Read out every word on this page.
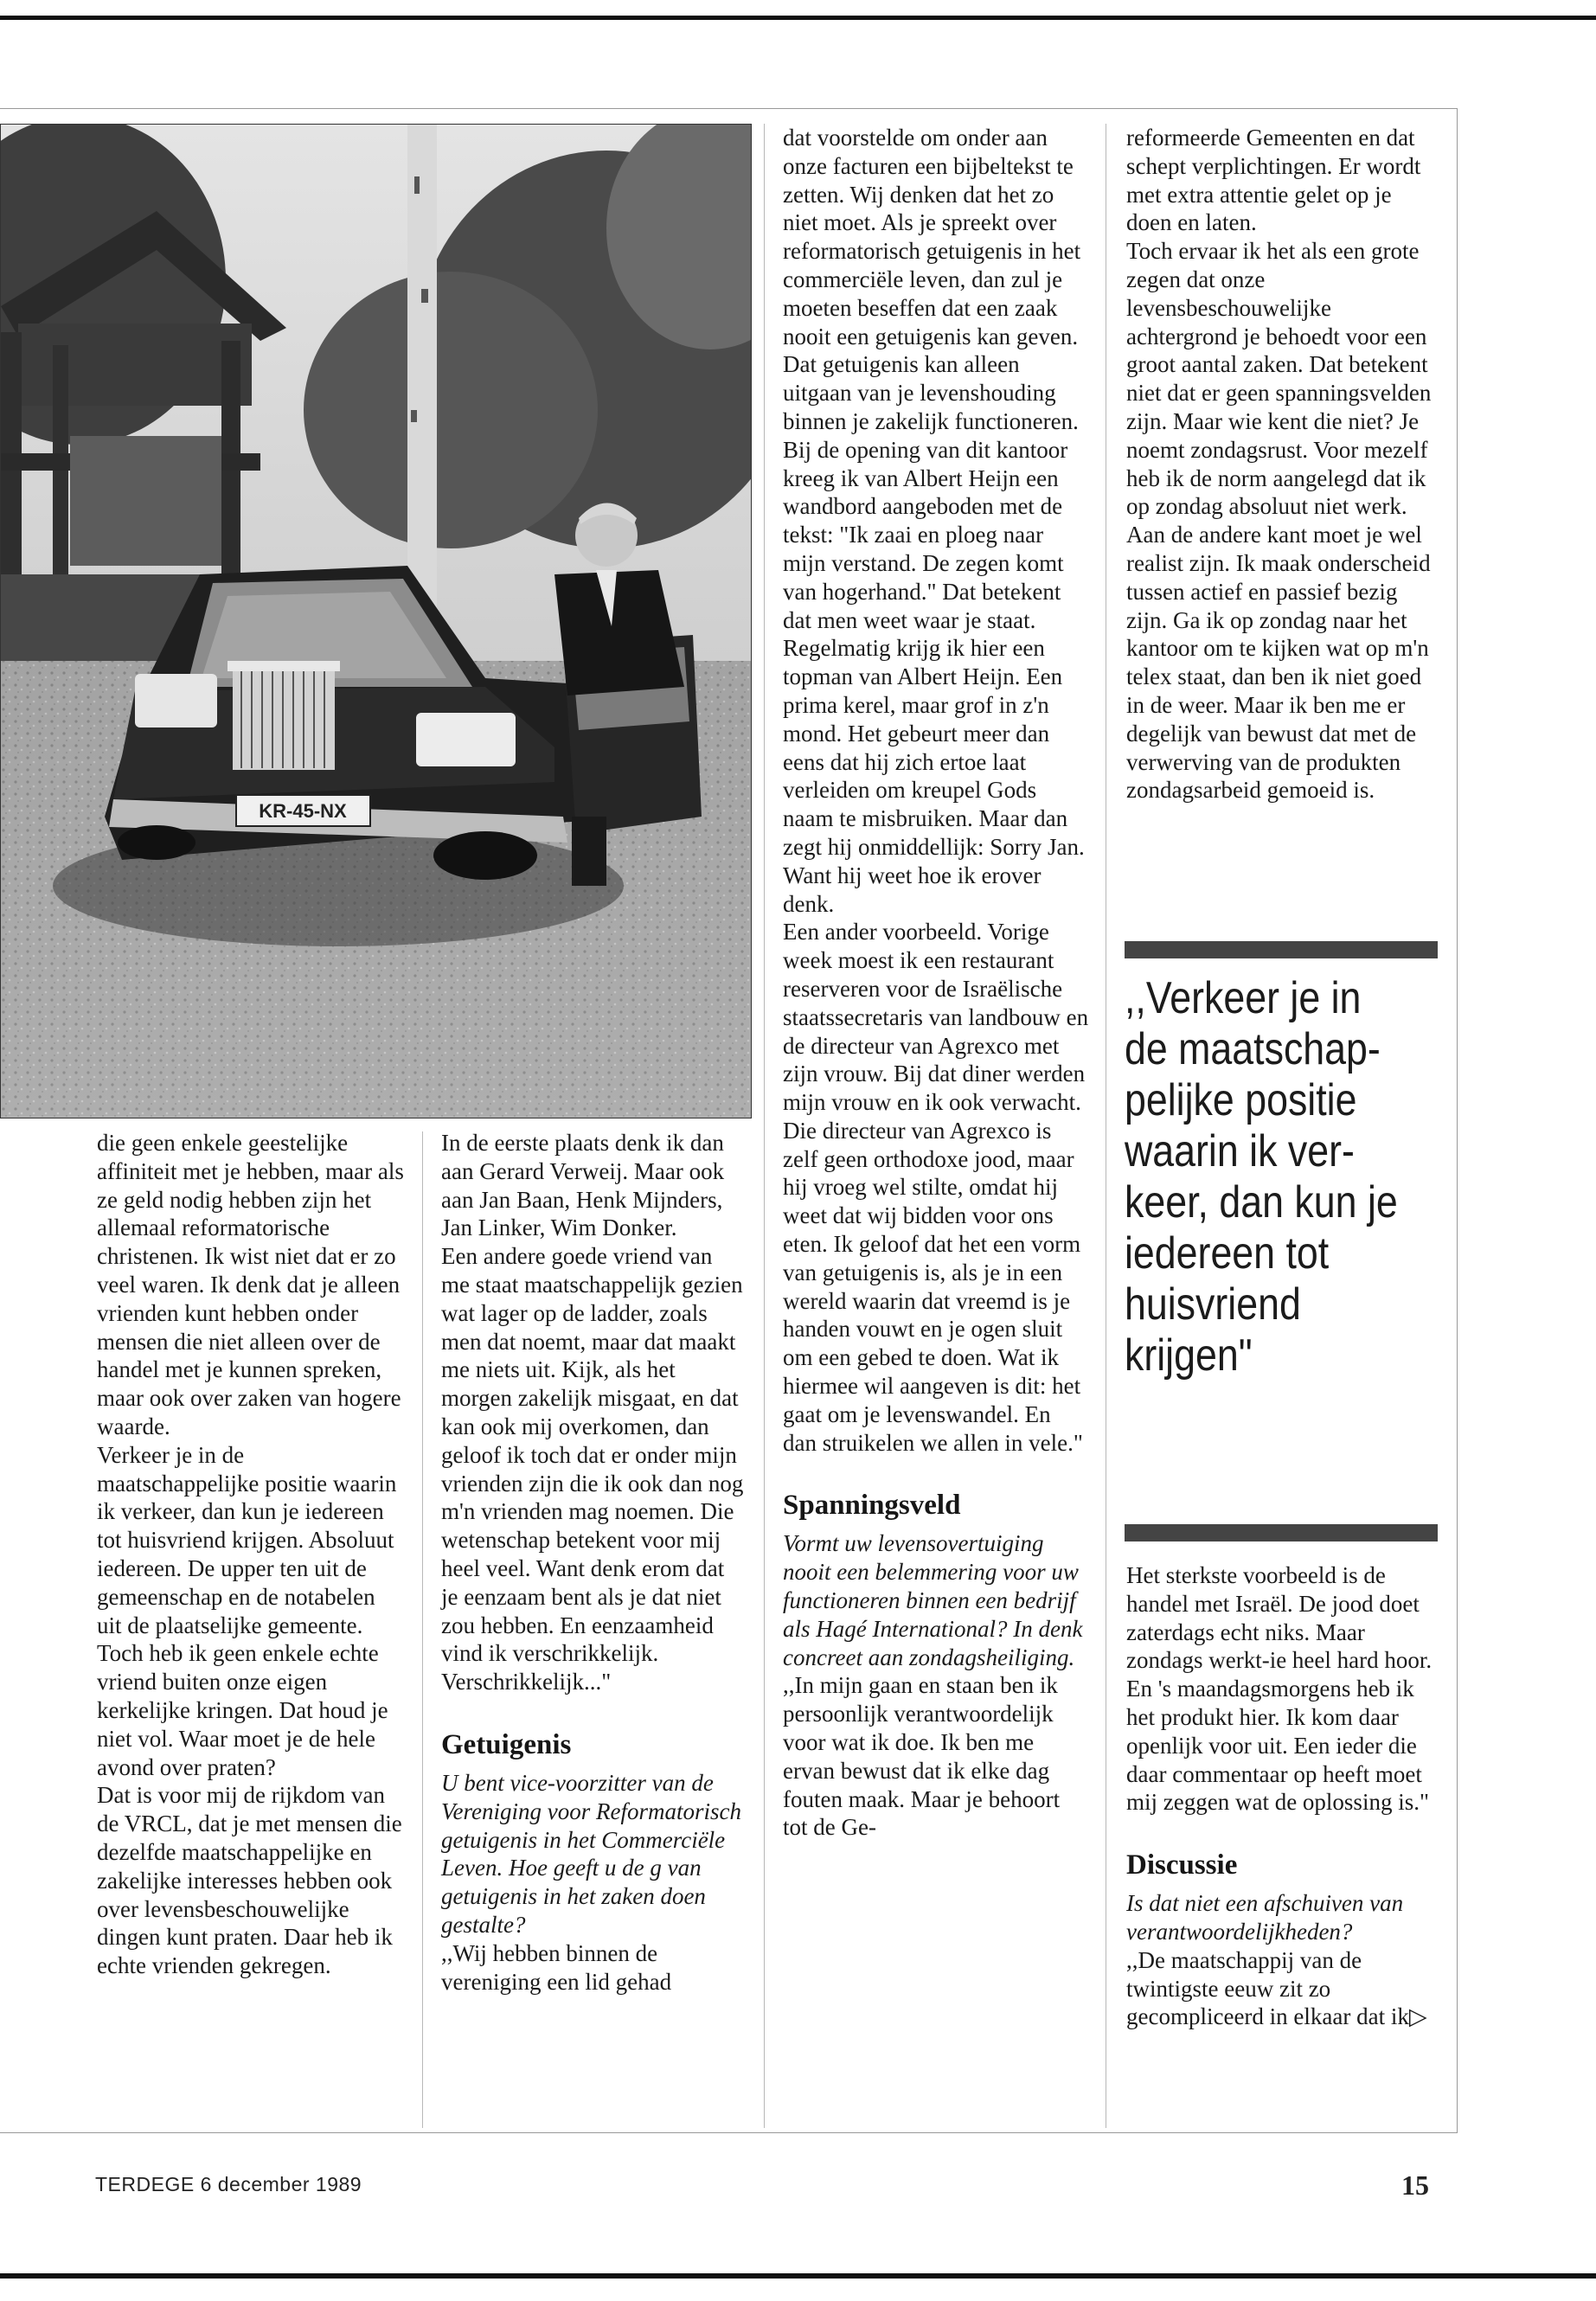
KR-45-NX

die geen enkele geestelijke affiniteit met je hebben, maar als ze geld nodig hebben zijn het allemaal reformatorische christenen. Ik wist niet dat er zo veel waren. Ik denk dat je alleen vrienden kunt hebben onder mensen die niet alleen over de handel met je kunnen spreken, maar ook over zaken van hogere waarde.

Verkeer je in de maatschappelijke positie waarin ik verkeer, dan kun je iedereen tot huisvriend krijgen. Absoluut iedereen. De upper ten uit de gemeenschap en de notabelen uit de plaatselijke gemeente. Toch heb ik geen enkele echte vriend buiten onze eigen kerkelijke kringen. Dat houd je niet vol. Waar moet je de hele avond over praten?

Dat is voor mij de rijkdom van de VRCL, dat je met mensen die dezelfde maatschappelijke en zakelijke interesses hebben ook over levensbeschouwelijke dingen kunt praten. Daar heb ik echte vrienden gekregen.

In de eerste plaats denk ik dan aan Gerard Verweij. Maar ook aan Jan Baan, Henk Mijnders, Jan Linker, Wim Donker.

Een andere goede vriend van me staat maatschappelijk gezien wat lager op de ladder, zoals men dat noemt, maar dat maakt me niets uit. Kijk, als het morgen zakelijk misgaat, en dat kan ook mij overkomen, dan geloof ik toch dat er onder mijn vrienden zijn die ik ook dan nog m'n vrienden mag noemen. Die wetenschap betekent voor mij heel veel. Want denk erom dat je eenzaam bent als je dat niet zou hebben. En eenzaamheid vind ik verschrikkelijk. Verschrikkelijk..."

Getuigenis

U bent vice-voorzitter van de Vereniging voor Reformatorisch getuigenis in het Commerciële Leven. Hoe geeft u de g van getuigenis in het zaken doen gestalte?

,,Wij hebben binnen de vereniging een lid gehad

dat voorstelde om onder aan onze facturen een bijbeltekst te zetten. Wij denken dat het zo niet moet. Als je spreekt over reformatorisch getuigenis in het commerciële leven, dan zul je moeten beseffen dat een zaak nooit een getuigenis kan geven. Dat getuigenis kan alleen uitgaan van je levenshouding binnen je zakelijk functioneren.

Bij de opening van dit kantoor kreeg ik van Albert Heijn een wandbord aangeboden met de tekst: "Ik zaai en ploeg naar mijn verstand. De zegen komt van hogerhand." Dat betekent dat men weet waar je staat. Regelmatig krijg ik hier een topman van Albert Heijn. Een prima kerel, maar grof in z'n mond. Het gebeurt meer dan eens dat hij zich ertoe laat verleiden om kreupel Gods naam te misbruiken. Maar dan zegt hij onmiddellijk: Sorry Jan. Want hij weet hoe ik erover denk.

Een ander voorbeeld. Vorige week moest ik een restaurant reserveren voor de Israëlische staatssecretaris van landbouw en de directeur van Agrexco met zijn vrouw. Bij dat diner werden mijn vrouw en ik ook verwacht. Die directeur van Agrexco is zelf geen orthodoxe jood, maar hij vroeg wel stilte, omdat hij weet dat wij bidden voor ons eten. Ik geloof dat het een vorm van getuigenis is, als je in een wereld waarin dat vreemd is je handen vouwt en je ogen sluit om een gebed te doen. Wat ik hiermee wil aangeven is dit: het gaat om je levenswandel. En dan struikelen we allen in vele."

Spanningsveld

Vormt uw levensovertuiging nooit een belemmering voor uw functioneren binnen een bedrijf als Hagé International? In denk concreet aan zondagsheiliging.

,,In mijn gaan en staan ben ik persoonlijk verantwoordelijk voor wat ik doe. Ik ben me ervan bewust dat ik elke dag fouten maak. Maar je behoort tot de Ge-

reformeerde Gemeenten en dat schept verplichtingen. Er wordt met extra attentie gelet op je doen en laten.

Toch ervaar ik het als een grote zegen dat onze levensbeschouwelijke achtergrond je behoedt voor een groot aantal zaken. Dat betekent niet dat er geen spanningsvelden zijn. Maar wie kent die niet? Je noemt zondagsrust. Voor mezelf heb ik de norm aangelegd dat ik op zondag absoluut niet werk. Aan de andere kant moet je wel realist zijn. Ik maak onderscheid tussen actief en passief bezig zijn. Ga ik op zondag naar het kantoor om te kijken wat op m'n telex staat, dan ben ik niet goed in de weer. Maar ik ben me er degelijk van bewust dat met de verwerving van de produkten zondagsarbeid gemoeid is.

,,Verkeer je in
de maatschap-
pelijke positie
waarin ik ver-
keer, dan kun je
iedereen tot
huisvriend
krijgen"

Het sterkste voorbeeld is de handel met Israël. De jood doet zaterdags echt niks. Maar zondags werkt-ie heel hard hoor. En 's maandagsmorgens heb ik het produkt hier. Ik kom daar openlijk voor uit. Een ieder die daar commentaar op heeft moet mij zeggen wat de oplossing is."

Discussie

Is dat niet een afschuiven van verantwoordelijkheden?

,,De maatschappij van de twintigste eeuw zit zo gecompliceerd in elkaar dat ik▷

TERDEGE 6 december 1989	15
